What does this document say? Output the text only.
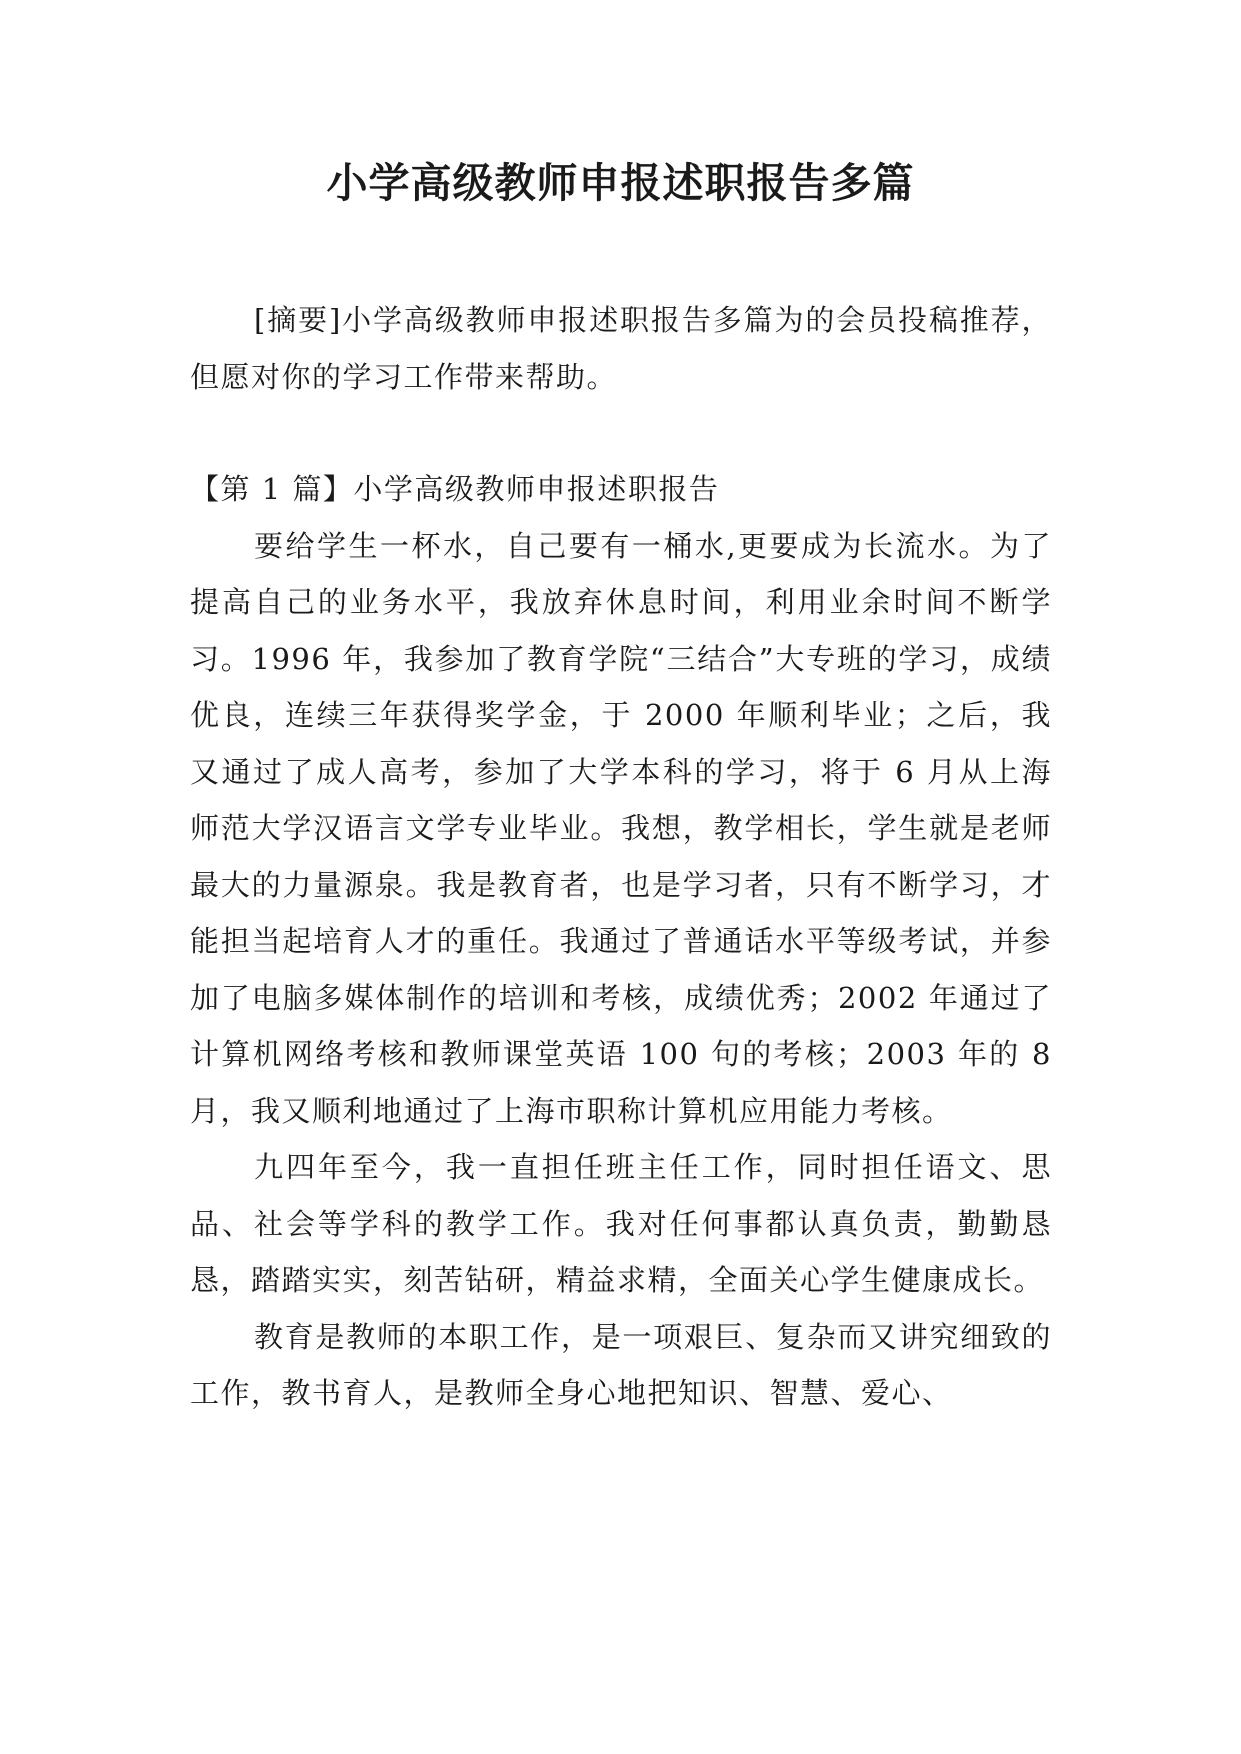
小学高级教师申报述职报告多篇

[摘要]小学高级教师申报述职报告多篇为的会员投稿推荐，但愿对你的学习工作带来帮助。

【第 1 篇】小学高级教师申报述职报告

要给学生一杯水，自己要有一桶水,更要成为长流水。为了提高自己的业务水平，我放弃休息时间，利用业余时间不断学习。1996 年，我参加了教育学院“三结合”大专班的学习，成绩优良，连续三年获得奖学金，于 2000 年顺利毕业；之后，我又通过了成人高考，参加了大学本科的学习，将于 6 月从上海师范大学汉语言文学专业毕业。我想，教学相长，学生就是老师最大的力量源泉。我是教育者，也是学习者，只有不断学习，才能担当起培育人才的重任。我通过了普通话水平等级考试，并参加了电脑多媒体制作的培训和考核，成绩优秀；2002 年通过了计算机网络考核和教师课堂英语 100 句的考核；2003 年的 8 月，我又顺利地通过了上海市职称计算机应用能力考核。

九四年至今，我一直担任班主任工作，同时担任语文、思品、社会等学科的教学工作。我对任何事都认真负责，勤勤恳恳，踏踏实实，刻苦钻研，精益求精，全面关心学生健康成长。

教育是教师的本职工作，是一项艰巨、复杂而又讲究细致的工作，教书育人，是教师全身心地把知识、智慧、爱心、
